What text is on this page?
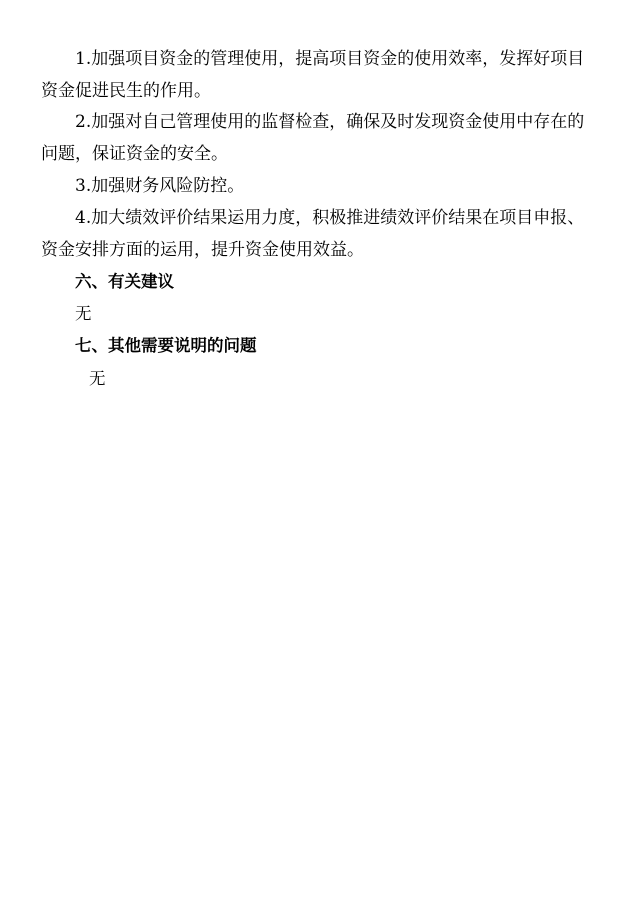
1.加强项目资金的管理使用，提高项目资金的使用效率，发挥好项目资金促进民生的作用。

2.加强对自己管理使用的监督检查，确保及时发现资金使用中存在的问题，保证资金的安全。

3.加强财务风险防控。

4.加大绩效评价结果运用力度，积极推进绩效评价结果在项目申报、资金安排方面的运用，提升资金使用效益。

六、有关建议

无

七、其他需要说明的问题

无
